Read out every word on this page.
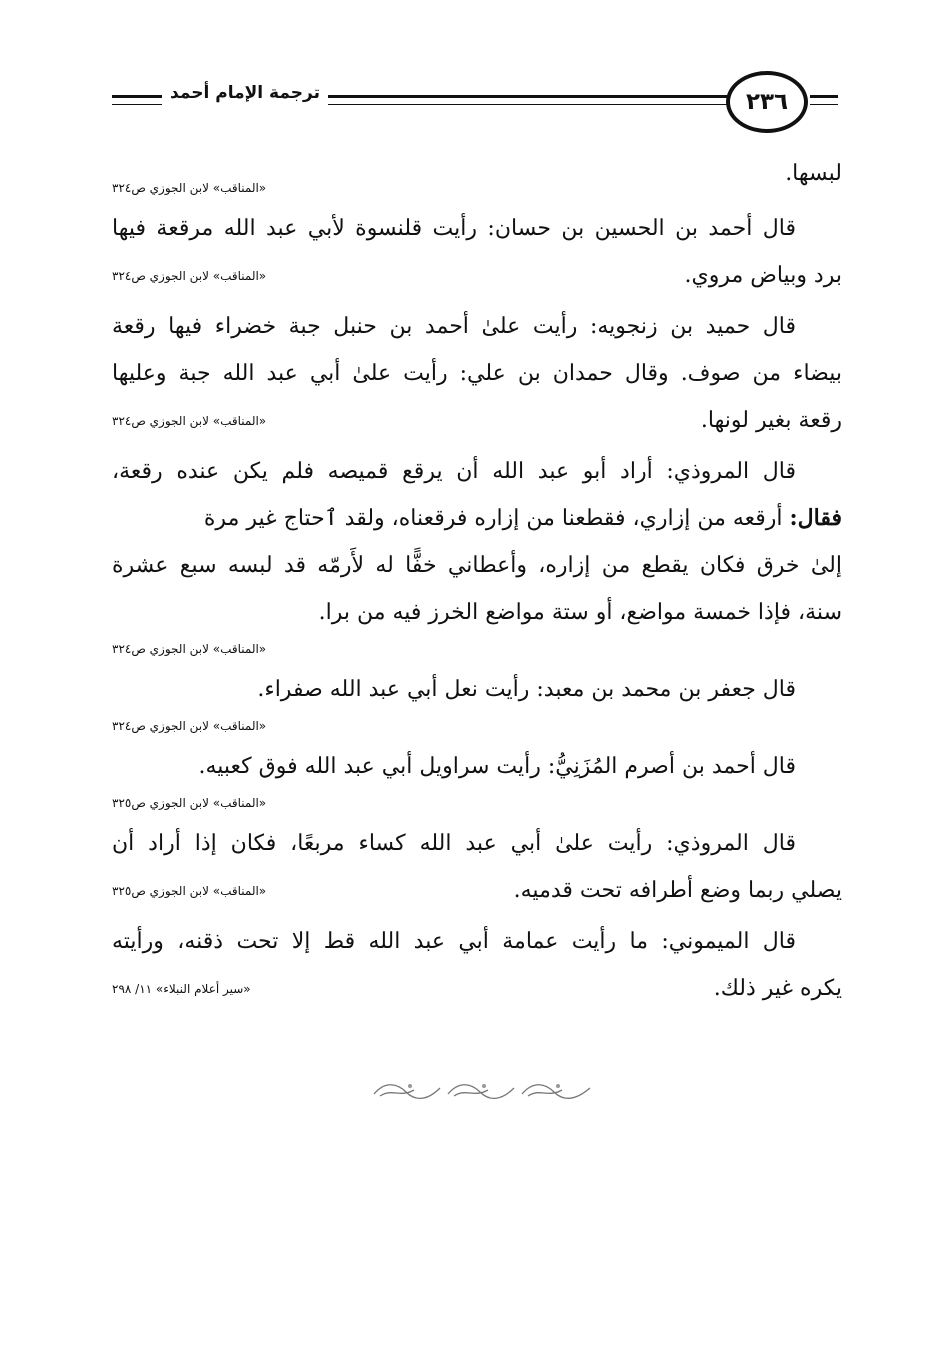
ترجمة الإمام أحمد	٢٣٦
لبسها.
«المناقب» لابن الجوزي ص٣٢٤
قال أحمد بن الحسين بن حسان: رأيت قلنسوة لأبي عبد الله مرقعة فيها
برد وبياض مروي.
«المناقب» لابن الجوزي ص٣٢٤
قال حميد بن زنجويه: رأيت علىٰ أحمد بن حنبل جبة خضراء فيها رقعة
بيضاء من صوف. وقال حمدان بن علي: رأيت علىٰ أبي عبد الله جبة وعليها
رقعة بغير لونها.
«المناقب» لابن الجوزي ص٣٢٤
قال المروذي: أراد أبو عبد الله أن يرقع قميصه فلم يكن عنده رقعة،
فقال: أرقعه من إزاري، فقطعنا من إزاره فرقعناه، ولقد ٱحتاج غير مرة
إلىٰ خرق فكان يقطع من إزاره، وأعطاني خفًّا له لأَرمّه قد لبسه سبع عشرة
سنة، فإذا خمسة مواضع، أو ستة مواضع الخرز فيه من برا.
«المناقب» لابن الجوزي ص٣٢٤
قال جعفر بن محمد بن معبد: رأيت نعل أبي عبد الله صفراء.
«المناقب» لابن الجوزي ص٣٢٤
قال أحمد بن أصرم المُزَنِيُّ: رأيت سراويل أبي عبد الله فوق كعبيه.
«المناقب» لابن الجوزي ص٣٢٥
قال المروذي: رأيت علىٰ أبي عبد الله كساء مربعًا، فكان إذا أراد أن
يصلي ربما وضع أطرافه تحت قدميه.
«المناقب» لابن الجوزي ص٣٢٥
قال الميموني: ما رأيت عمامة أبي عبد الله قط إلا تحت ذقنه، ورأيته
يكره غير ذلك.
«سير أعلام النبلاء» ١١/ ٢٩٨
